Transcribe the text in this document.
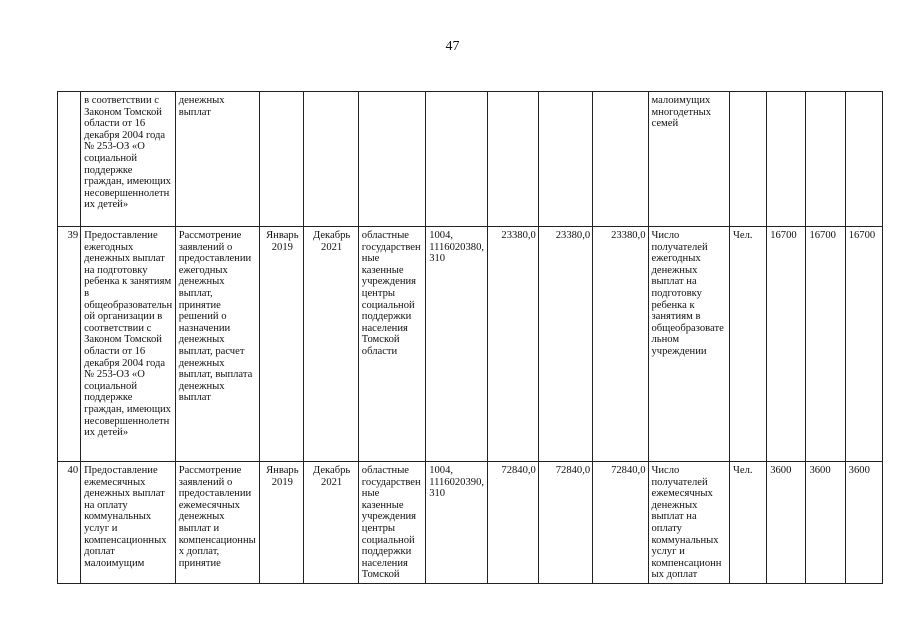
47
	в соответствии с Законом Томской области от 16 декабря 2004 года № 253-ОЗ «О социальной поддержке граждан, имеющих несовершеннолетних детей»	денежных выплат								малоимущих многодетных семей				
39	Предоставление ежегодных денежных выплат на подготовку ребенка к занятиям в общеобразовательной организации в соответствии с Законом Томской области от 16 декабря 2004 года № 253-ОЗ «О социальной поддержке граждан, имеющих несовершеннолетних детей»	Рассмотрение заявлений о предоставлении ежегодных денежных выплат, принятие решений о назначении денежных выплат, расчет денежных выплат, выплата денежных выплат	Январь 2019	Декабрь 2021	областные государственные казенные учреждения центры социальной поддержки населения Томской области	1004, 1116020380, 310	23380,0	23380,0	23380,0	Число получателей ежегодных денежных выплат на подготовку ребенка к занятиям в общеобразовательном учреждении	Чел.	16700	16700	16700
40	Предоставление ежемесячных денежных выплат на оплату коммунальных услуг и компенсационных доплат малоимущим	Рассмотрение заявлений о предоставлении ежемесячных денежных выплат и компенсационных доплат, принятие	Январь 2019	Декабрь 2021	областные государственные казенные учреждения центры социальной поддержки населения Томской	1004, 1116020390, 310	72840,0	72840,0	72840,0	Число получателей ежемесячных денежных выплат на оплату коммунальных услуг и компенсационных доплат	Чел.	3600	3600	3600
